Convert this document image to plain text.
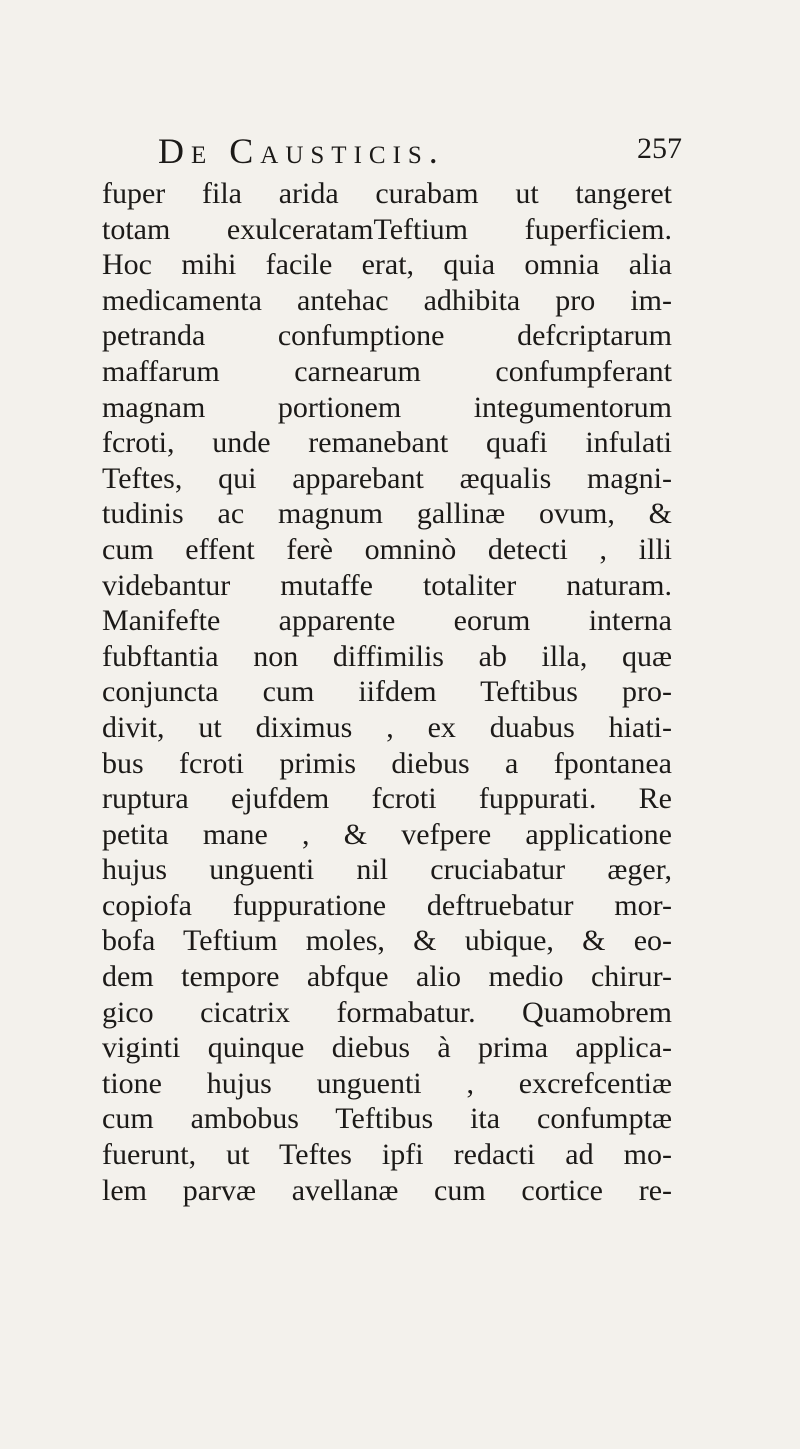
De Causticis.	257
fuper fila arida curabam ut tangeret
totam exulceratamTeftium fuperficiem.
Hoc mihi facile erat, quia omnia alia
medicamenta antehac adhibita pro im-
petranda confumptione defcriptarum
maffarum carnearum confumpferant
magnam portionem integumentorum
fcroti, unde remanebant quafi infulati
Teftes, qui apparebant æqualis magni-
tudinis ac magnum gallinæ ovum, &
cum effent ferè omninò detecti , illi
videbantur mutaffe totaliter naturam.
Manifefte apparente eorum interna
fubftantia non diffimilis ab illa, quæ
conjuncta cum iifdem Teftibus pro-
divit, ut diximus , ex duabus hiati-
bus fcroti primis diebus a fpontanea
ruptura ejufdem fcroti fuppurati. Re
petita mane , & vefpere applicatione
hujus unguenti nil cruciabatur æger,
copiofa fuppuratione deftruebatur mor-
bofa Teftium moles, & ubique, & eo-
dem tempore abfque alio medio chirur-
gico cicatrix formabatur. Quamobrem
viginti quinque diebus à prima applica-
tione hujus unguenti , excrefcentiæ
cum ambobus Teftibus ita confumptæ
fuerunt, ut Teftes ipfi redacti ad mo-
lem parvæ avellanæ cum cortice re-
